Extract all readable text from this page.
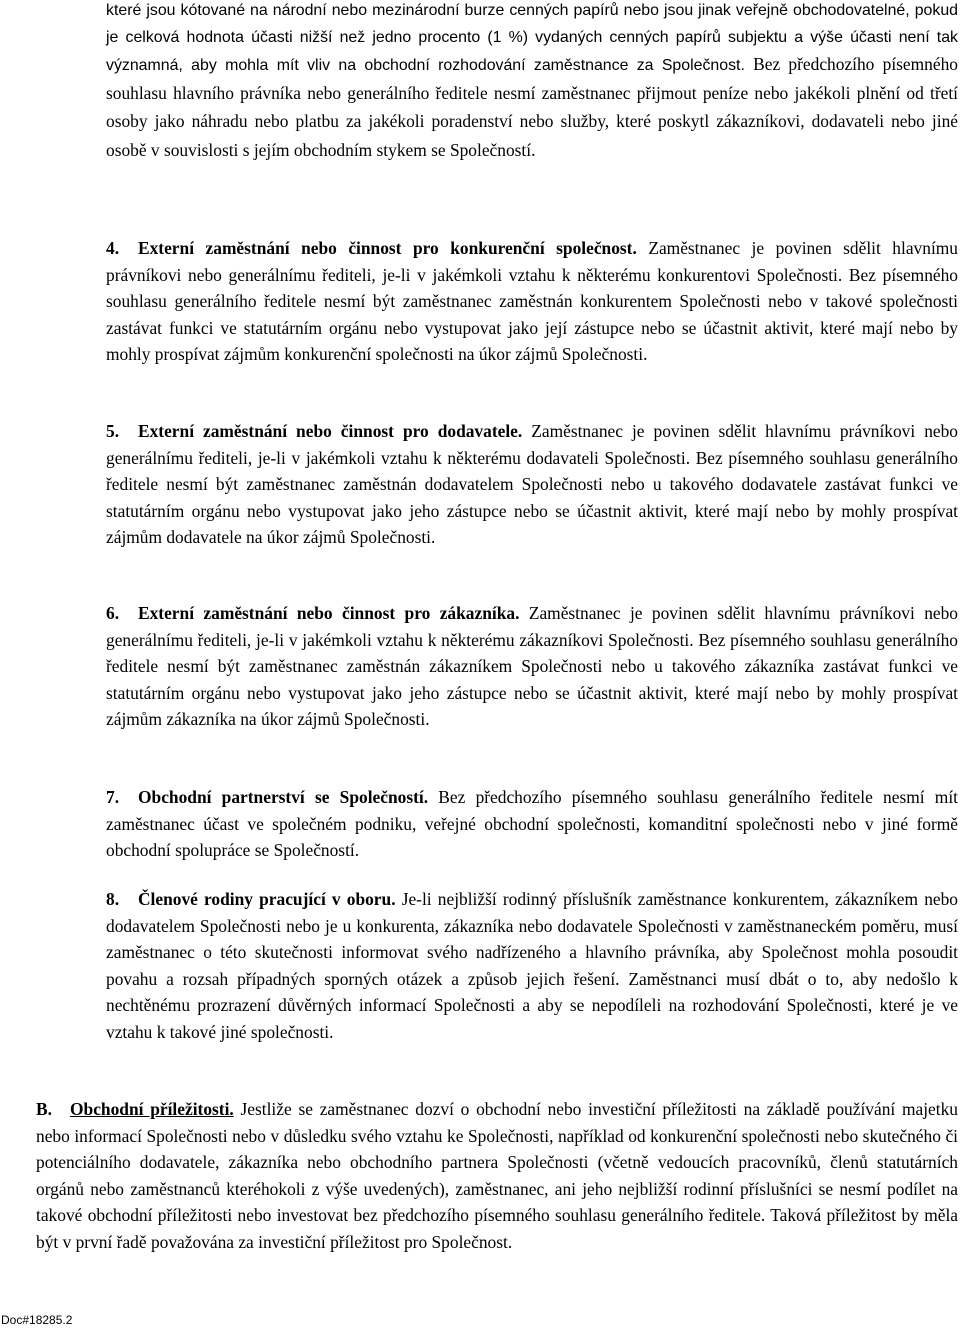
které jsou kótované na národní nebo mezinárodní burze cenných papírů nebo jsou jinak veřejně obchodovatelné, pokud je celková hodnota účasti nižší než jedno procento (1 %) vydaných cenných papírů subjektu a výše účasti není tak významná, aby mohla mít vliv na obchodní rozhodování zaměstnance za Společnost. Bez předchozího písemného souhlasu hlavního právníka nebo generálního ředitele nesmí zaměstnanec přijmout peníze nebo jakékoli plnění od třetí osoby jako náhradu nebo platbu za jakékoli poradenství nebo služby, které poskytl zákazníkovi, dodavateli nebo jiné osobě v souvislosti s jejím obchodním stykem se Společností.

4. Externí zaměstnání nebo činnost pro konkurenční společnost. Zaměstnanec je povinen sdělit hlavnímu právníkovi nebo generálnímu řediteli, je-li v jakémkoli vztahu k některému konkurentovi Společnosti. Bez písemného souhlasu generálního ředitele nesmí být zaměstnanec zaměstnán konkurentem Společnosti nebo v takové společnosti zastávat funkci ve statutárním orgánu nebo vystupovat jako její zástupce nebo se účastnit aktivit, které mají nebo by mohly prospívat zájmům konkurenční společnosti na úkor zájmů Společnosti.

5. Externí zaměstnání nebo činnost pro dodavatele. Zaměstnanec je povinen sdělit hlavnímu právníkovi nebo generálnímu řediteli, je-li v jakémkoli vztahu k některému dodavateli Společnosti. Bez písemného souhlasu generálního ředitele nesmí být zaměstnanec zaměstnán dodavatelem Společnosti nebo u takového dodavatele zastávat funkci ve statutárním orgánu nebo vystupovat jako jeho zástupce nebo se účastnit aktivit, které mají nebo by mohly prospívat zájmům dodavatele na úkor zájmů Společnosti.

6. Externí zaměstnání nebo činnost pro zákazníka. Zaměstnanec je povinen sdělit hlavnímu právníkovi nebo generálnímu řediteli, je-li v jakémkoli vztahu k některému zákazníkovi Společnosti. Bez písemného souhlasu generálního ředitele nesmí být zaměstnanec zaměstnán zákazníkem Společnosti nebo u takového zákazníka zastávat funkci ve statutárním orgánu nebo vystupovat jako jeho zástupce nebo se účastnit aktivit, které mají nebo by mohly prospívat zájmům zákazníka na úkor zájmů Společnosti.

7. Obchodní partnerství se Společností. Bez předchozího písemného souhlasu generálního ředitele nesmí mít zaměstnanec účast ve společném podniku, veřejné obchodní společnosti, komanditní společnosti nebo v jiné formě obchodní spolupráce se Společností.

8. Členové rodiny pracující v oboru. Je-li nejbližší rodinný příslušník zaměstnance konkurentem, zákazníkem nebo dodavatelem Společnosti nebo je u konkurenta, zákazníka nebo dodavatele Společnosti v zaměstnaneckém poměru, musí zaměstnanec o této skutečnosti informovat svého nadřízeného a hlavního právníka, aby Společnost mohla posoudit povahu a rozsah případných sporných otázek a způsob jejich řešení. Zaměstnanci musí dbát o to, aby nedošlo k nechtěnému prozrazení důvěrných informací Společnosti a aby se nepodíleli na rozhodování Společnosti, které je ve vztahu k takové jiné společnosti.

B. Obchodní příležitosti. Jestliže se zaměstnanec dozví o obchodní nebo investiční příležitosti na základě používání majetku nebo informací Společnosti nebo v důsledku svého vztahu ke Společnosti, například od konkurenční společnosti nebo skutečného či potenciálního dodavatele, zákazníka nebo obchodního partnera Společnosti (včetně vedoucích pracovníků, členů statutárních orgánů nebo zaměstnanců kteréhokoli z výše uvedených), zaměstnanec, ani jeho nejbližší rodinní příslušníci se nesmí podílet na takové obchodní příležitosti nebo investovat bez předchozího písemného souhlasu generálního ředitele. Taková příležitost by měla být v první řadě považována za investiční příležitost pro Společnost.

Doc#18285.2
